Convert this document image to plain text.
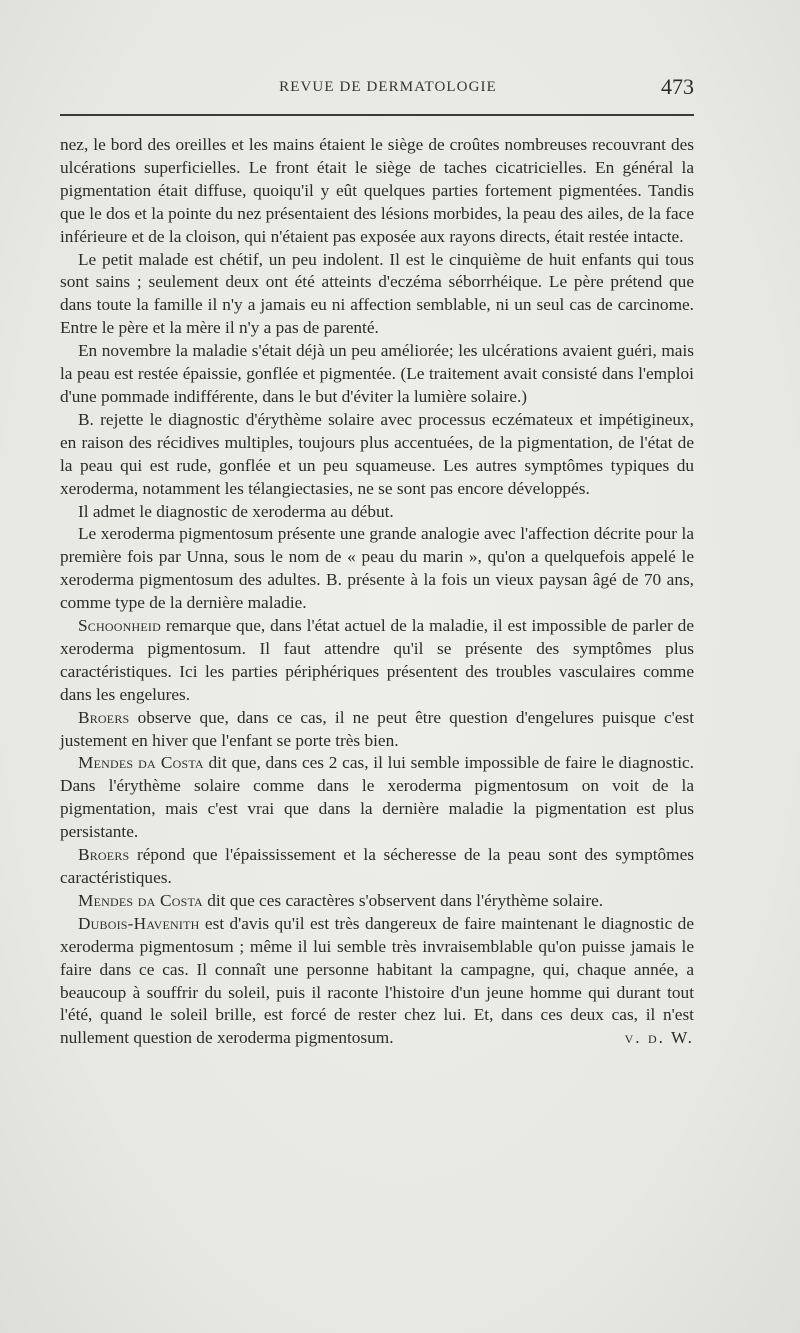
REVUE DE DERMATOLOGIE	473

nez, le bord des oreilles et les mains étaient le siège de croûtes nombreuses recouvrant des ulcérations superficielles. Le front était le siège de taches cicatricielles. En général la pigmentation était diffuse, quoiqu'il y eût quelques parties fortement pigmentées. Tandis que le dos et la pointe du nez présentaient des lésions morbides, la peau des ailes, de la face inférieure et de la cloison, qui n'étaient pas exposée aux rayons directs, était restée intacte.

Le petit malade est chétif, un peu indolent. Il est le cinquième de huit enfants qui tous sont sains ; seulement deux ont été atteints d'eczéma séborrhéique. Le père prétend que dans toute la famille il n'y a jamais eu ni affection semblable, ni un seul cas de carcinome. Entre le père et la mère il n'y a pas de parenté.

En novembre la maladie s'était déjà un peu améliorée; les ulcérations avaient guéri, mais la peau est restée épaissie, gonflée et pigmentée. (Le traitement avait consisté dans l'emploi d'une pommade indifférente, dans le but d'éviter la lumière solaire.)

B. rejette le diagnostic d'érythème solaire avec processus eczémateux et impétigineux, en raison des récidives multiples, toujours plus accentuées, de la pigmentation, de l'état de la peau qui est rude, gonflée et un peu squameuse. Les autres symptômes typiques du xeroderma, notamment les télangiectasies, ne se sont pas encore développés.

Il admet le diagnostic de xeroderma au début.

Le xeroderma pigmentosum présente une grande analogie avec l'affection décrite pour la première fois par Unna, sous le nom de « peau du marin », qu'on a quelquefois appelé le xeroderma pigmentosum des adultes. B. présente à la fois un vieux paysan âgé de 70 ans, comme type de la dernière maladie.

Schoonheid remarque que, dans l'état actuel de la maladie, il est impossible de parler de xeroderma pigmentosum. Il faut attendre qu'il se présente des symptômes plus caractéristiques. Ici les parties périphériques présentent des troubles vasculaires comme dans les engelures.

Broers observe que, dans ce cas, il ne peut être question d'engelures puisque c'est justement en hiver que l'enfant se porte très bien.

Mendes da Costa dit que, dans ces 2 cas, il lui semble impossible de faire le diagnostic. Dans l'érythème solaire comme dans le xeroderma pigmentosum on voit de la pigmentation, mais c'est vrai que dans la dernière maladie la pigmentation est plus persistante.

Broers répond que l'épaississement et la sécheresse de la peau sont des symptômes caractéristiques.

Mendes da Costa dit que ces caractères s'observent dans l'érythème solaire.

Dubois-Havenith est d'avis qu'il est très dangereux de faire maintenant le diagnostic de xeroderma pigmentosum ; même il lui semble très invraisemblable qu'on puisse jamais le faire dans ce cas. Il connaît une personne habitant la campagne, qui, chaque année, a beaucoup à souffrir du soleil, puis il raconte l'histoire d'un jeune homme qui durant tout l'été, quand le soleil brille, est forcé de rester chez lui. Et, dans ces deux cas, il n'est nullement question de xeroderma pigmentosum.	v. d. W.
